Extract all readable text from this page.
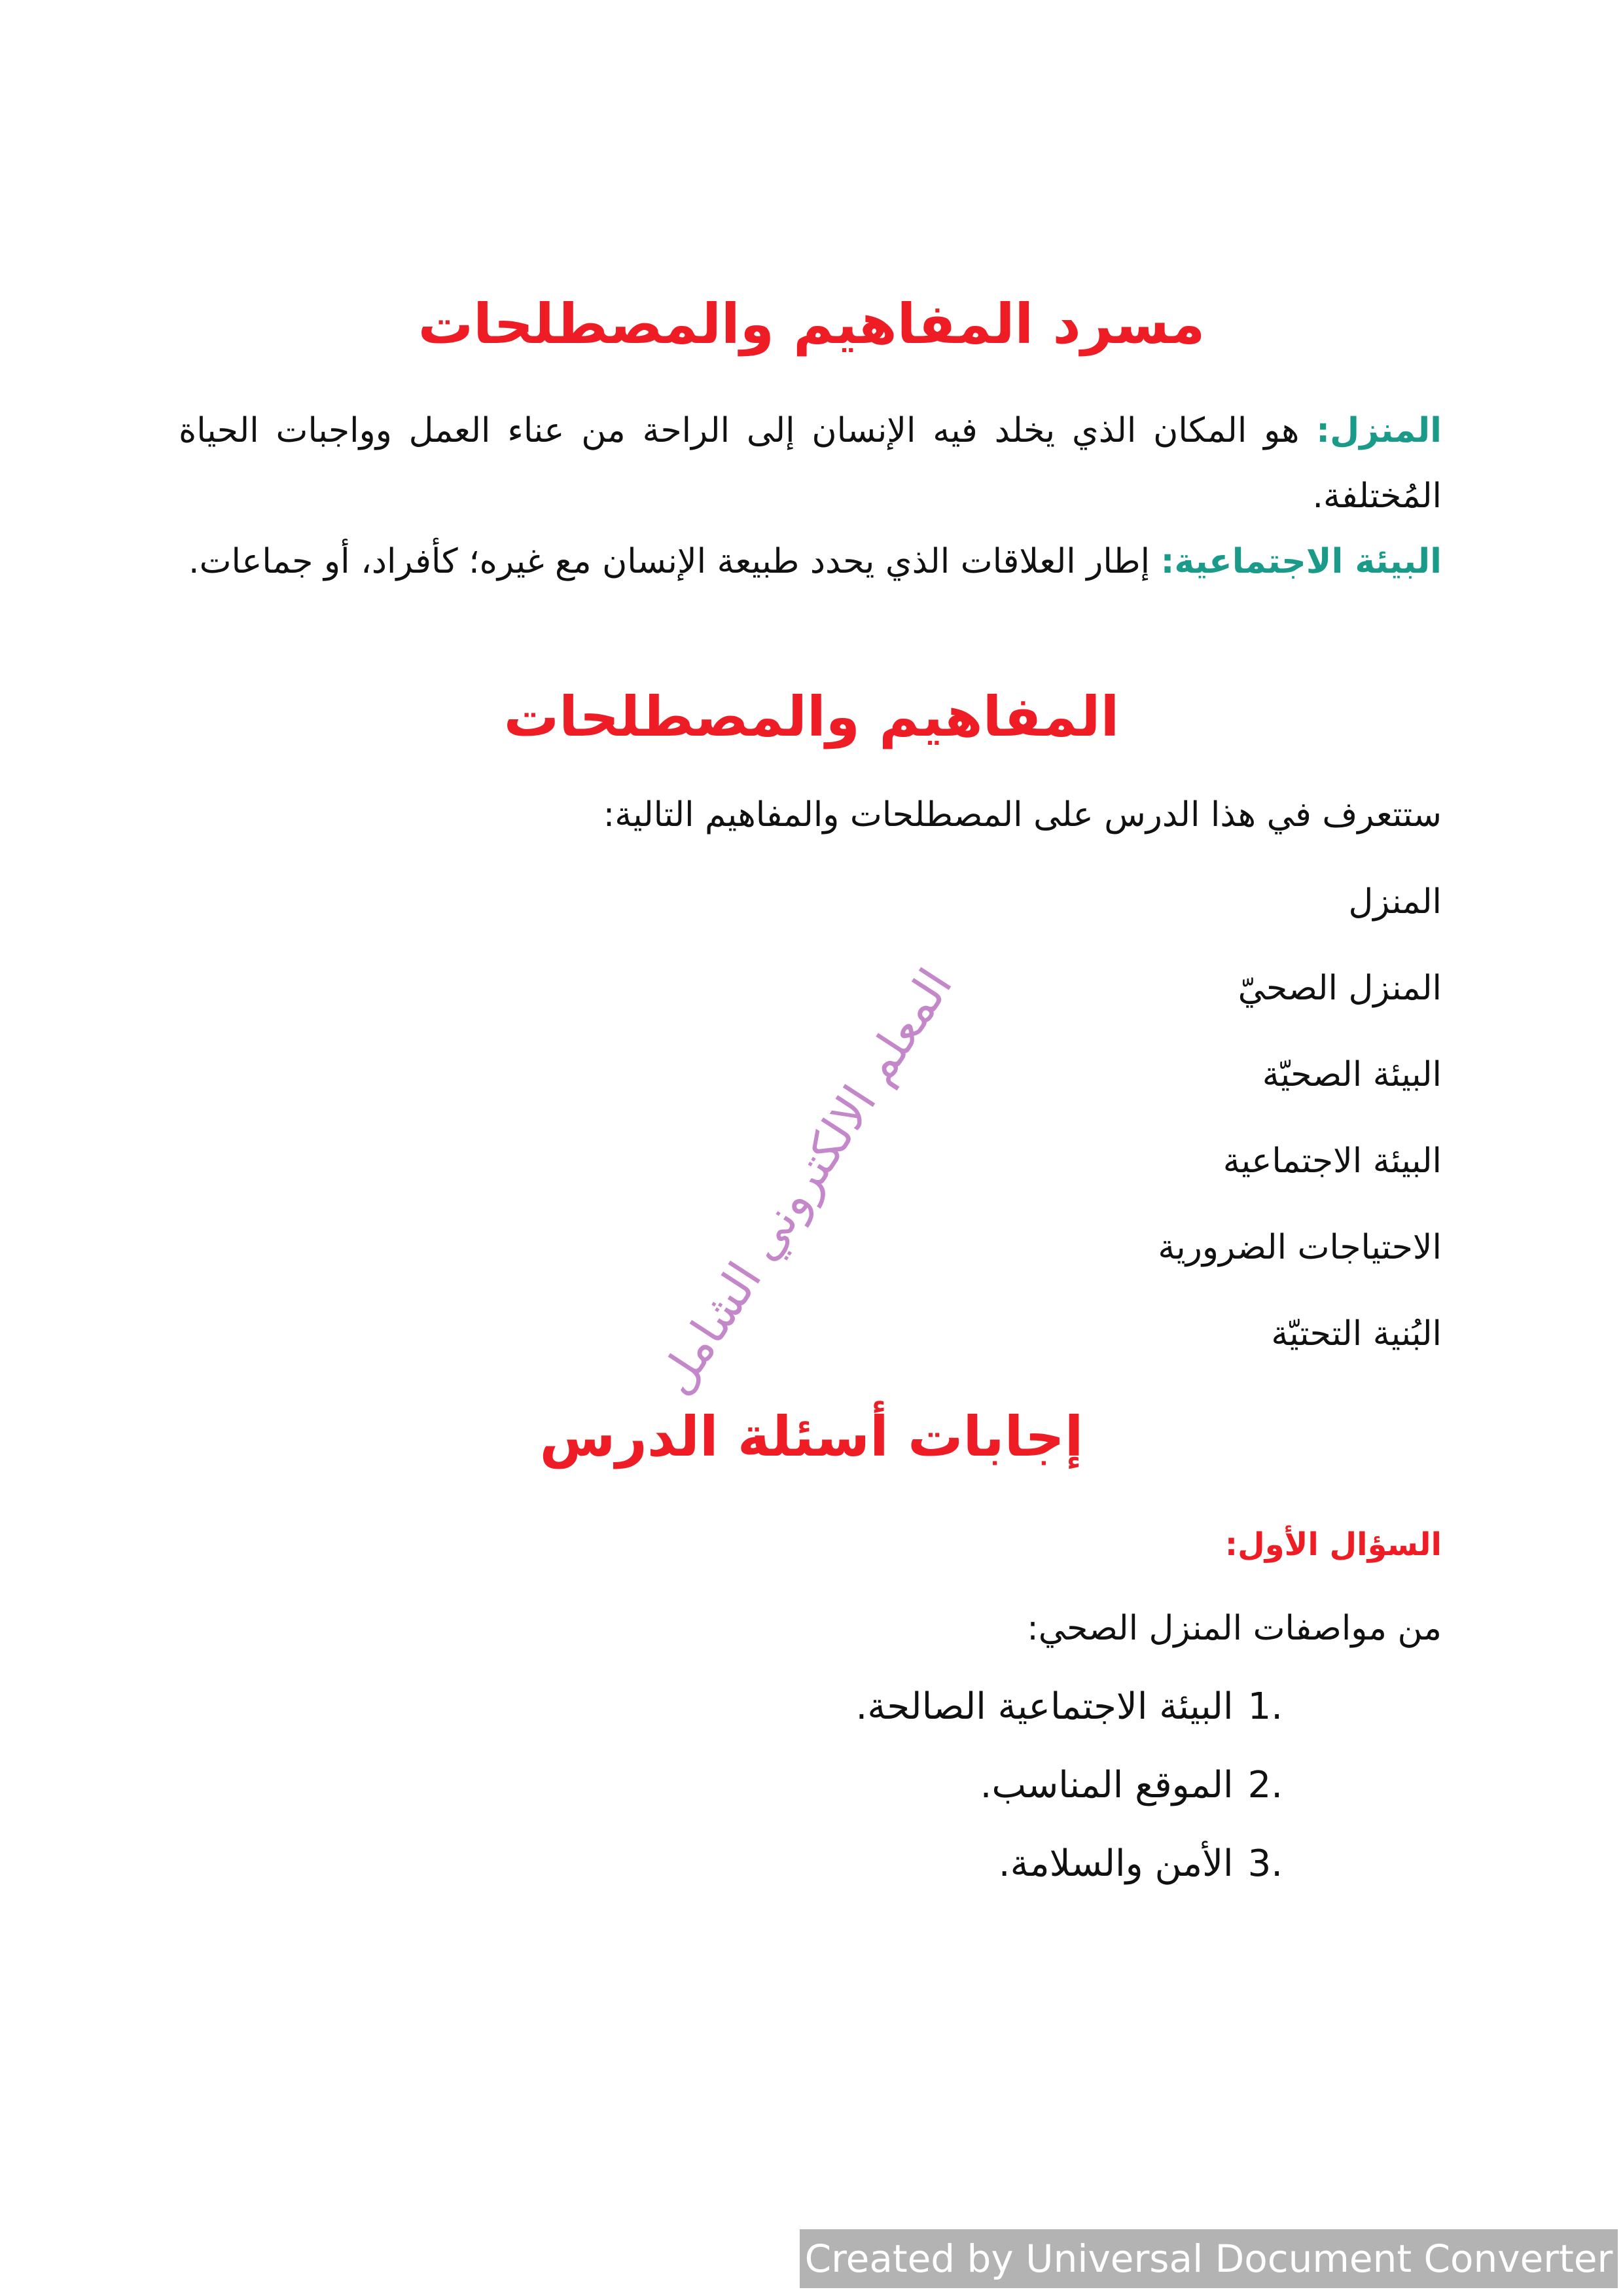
مسرد المفاهيم والمصطلحات

المنزل: هو المكان الذي يخلد فيه الإنسان إلى الراحة من عناء العمل وواجبات الحياة المُختلفة.

البيئة الاجتماعية: إطار العلاقات الذي يحدد طبيعة الإنسان مع غيره؛ كأفراد، أو جماعات.

المفاهيم والمصطلحات
ستتعرف في هذا الدرس على المصطلحات والمفاهيم التالية:
المنزل
المنزل الصحيّ
البيئة الصحيّة
البيئة الاجتماعية
الاحتياجات الضرورية
البُنية التحتيّة
إجابات أسئلة الدرس
السؤال الأول:
من مواصفات المنزل الصحي:
1.البيئة الاجتماعية الصالحة.
2.الموقع المناسب.
3.الأمن والسلامة.
المعلم الالكتروني الشامل
Created by Universal Document Converter
